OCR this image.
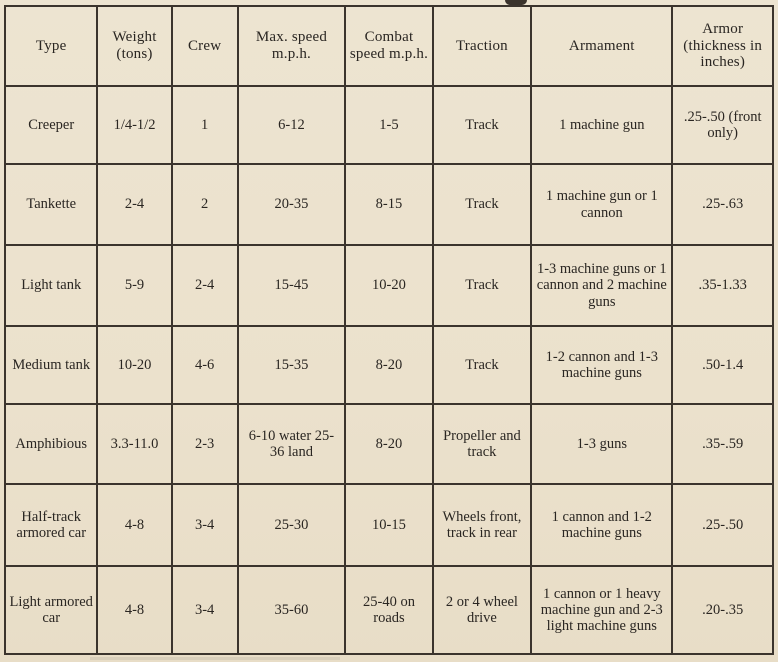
Type	Weight (tons)	Crew	Max. speed m.p.h.	Combat speed m.p.h.	Traction	Armament	Armor (thickness in inches)
Creeper	1/4-1/2	1	6-12	1-5	Track	1 machine gun	.25-.50 (front only)
Tankette	2-4	2	20-35	8-15	Track	1 machine gun or 1 cannon	.25-.63
Light tank	5-9	2-4	15-45	10-20	Track	1-3 machine guns or 1 cannon and 2 machine guns	.35-1.33
Medium tank	10-20	4-6	15-35	8-20	Track	1-2 cannon and 1-3 machine guns	.50-1.4
Amphibious	3.3-11.0	2-3	6-10 water 25-36 land	8-20	Propeller and track	1-3 guns	.35-.59
Half-track armored car	4-8	3-4	25-30	10-15	Wheels front, track in rear	1 cannon and 1-2 machine guns	.25-.50
Light armored car	4-8	3-4	35-60	25-40 on roads	2 or 4 wheel drive	1 cannon or 1 heavy machine gun and 2-3 light machine guns	.20-.35
